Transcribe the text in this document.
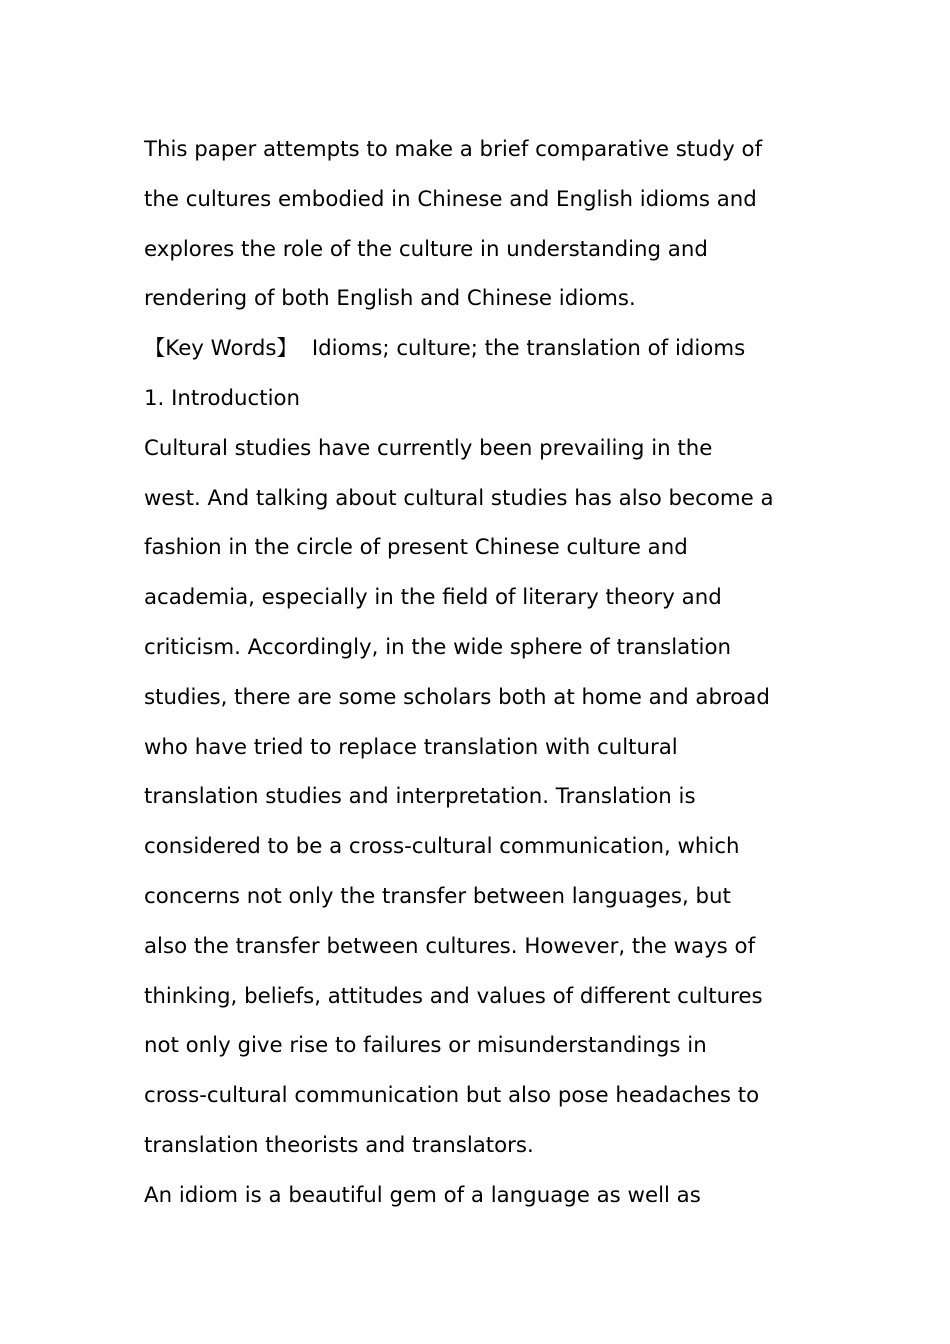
This paper attempts to make a brief comparative study of
the cultures embodied in Chinese and English idioms and
explores the role of the culture in understanding and
rendering of both English and Chinese idioms.
【Key Words】 Idioms; culture; the translation of idioms
1. Introduction
Cultural studies have currently been prevailing in the
west. And talking about cultural studies has also become a
fashion in the circle of present Chinese culture and
academia, especially in the field of literary theory and
criticism. Accordingly, in the wide sphere of translation
studies, there are some scholars both at home and abroad
who have tried to replace translation with cultural
translation studies and interpretation. Translation is
considered to be a cross-cultural communication, which
concerns not only the transfer between languages, but
also the transfer between cultures. However, the ways of
thinking, beliefs, attitudes and values of different cultures
not only give rise to failures or misunderstandings in
cross-cultural communication but also pose headaches to
translation theorists and translators.
An idiom is a beautiful gem of a language as well as
